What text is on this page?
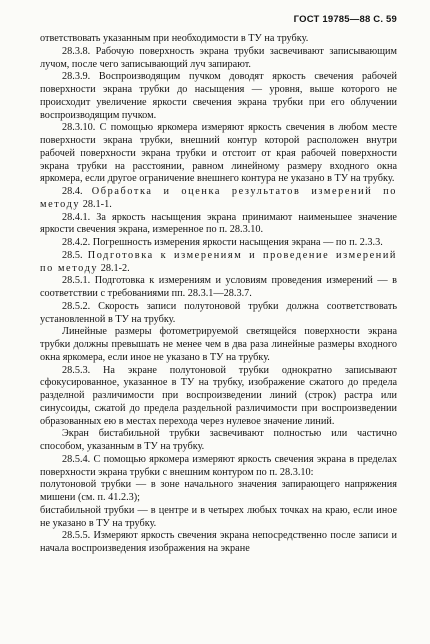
ГОСТ 19785—88 С. 59

ответствовать указанным при необходимости в ТУ на трубку.

28.3.8. Рабочую поверхность экрана трубки засвечивают записывающим лучом, после чего записывающий луч запирают.

28.3.9. Воспроизводящим пучком доводят яркость свечения рабочей поверхности экрана трубки до насыщения — уровня, выше которого не происходит увеличение яркости свечения экрана трубки при его облучении воспроизводящим пучком.

28.3.10. С помощью яркомера измеряют яркость свечения в любом месте поверхности экрана трубки, внешний контур которой расположен внутри рабочей поверхности экрана трубки и отстоит от края рабочей поверхности экрана трубки на расстоянии, равном линейному размеру входного окна яркомера, если другое ограничение внешнего контура не указано в ТУ на трубку.

28.4. Обработка и оценка результатов измерений по методу 28.1-1.

28.4.1. За яркость насыщения экрана принимают наименьшее значение яркости свечения экрана, измеренное по п. 28.3.10.

28.4.2. Погрешность измерения яркости насыщения экрана — по п. 2.3.3.

28.5. Подготовка к измерениям и проведение измерений по методу 28.1-2.

28.5.1. Подготовка к измерениям и условиям проведения измерений — в соответствии с требованиями пп. 28.3.1—28.3.7.

28.5.2. Скорость записи полутоновой трубки должна соответствовать установленной в ТУ на трубку.

Линейные размеры фотометрируемой светящейся поверхности экрана трубки должны превышать не менее чем в два раза линейные размеры входного окна яркомера, если иное не указано в ТУ на трубку.

28.5.3. На экране полутоновой трубки однократно записывают сфокусированное, указанное в ТУ на трубку, изображение сжатого до предела разделной различимости при воспроизведении линий (строк) растра или синусоиды, сжатой до предела раздельной различимости при воспроизведении образованных ею в местах перехода через нулевое значение линий.

Экран бистабильной трубки засвечивают полностью или частично способом, указанным в ТУ на трубку.

28.5.4. С помощью яркомера измеряют яркость свечения экрана в пределах поверхности экрана трубки с внешним контуром по п. 28.3.10:

полутоновой трубки — в зоне начального значения запирающего напряжения мишени (см. п. 41.2.3);

бистабильной трубки — в центре и в четырех любых точках на краю, если иное не указано в ТУ на трубку.

28.5.5. Измеряют яркость свечения экрана непосредственно после записи и начала воспроизведения изображения на экране
